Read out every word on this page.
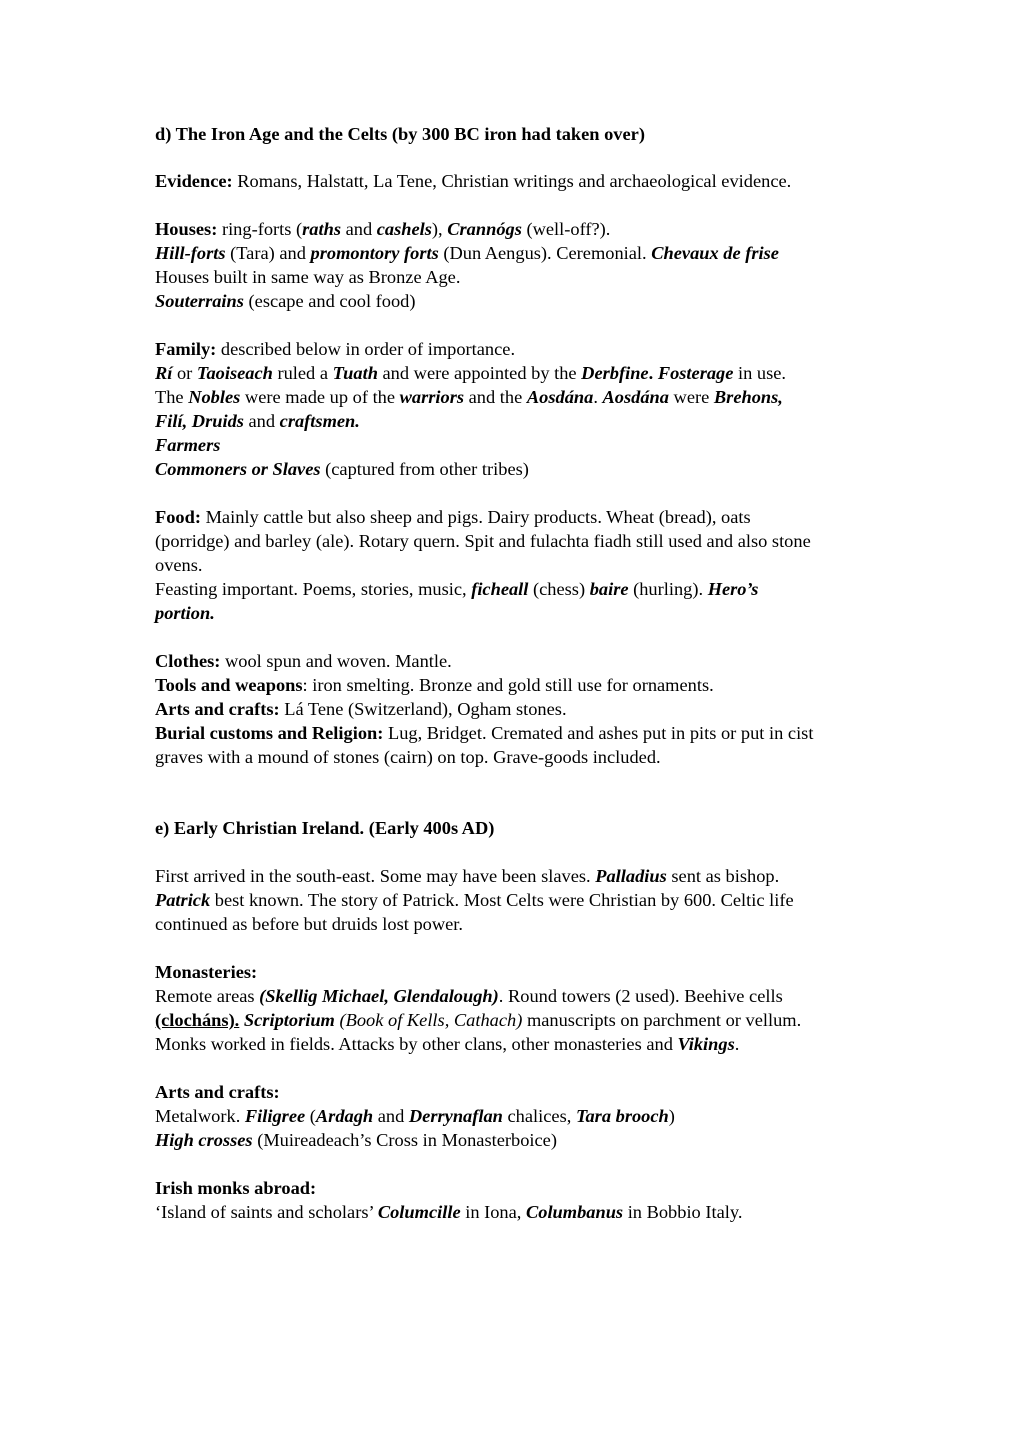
d) The Iron Age and the Celts (by 300 BC iron had taken over)
Evidence: Romans, Halstatt, La Tene, Christian writings and archaeological evidence.
Houses: ring-forts (raths and cashels), Crannógs (well-off?).
Hill-forts (Tara) and promontory forts (Dun Aengus). Ceremonial. Chevaux de frise
Houses built in same way as Bronze Age.
Souterrains (escape and cool food)
Family: described below in order of importance.
Rí or Taoiseach ruled a Tuath and were appointed by the Derbfine. Fosterage in use.
The Nobles were made up of the warriors and the Aosdána. Aosdána were Brehons,
Filí, Druids and craftsmen.
Farmers
Commoners or Slaves (captured from other tribes)
Food: Mainly cattle but also sheep and pigs. Dairy products. Wheat (bread), oats
(porridge) and barley (ale). Rotary quern. Spit and fulachta fiadh still used and also stone
ovens.
Feasting important. Poems, stories, music, ficheall (chess) baire (hurling). Hero’s
portion.
Clothes: wool spun and woven. Mantle.
Tools and weapons: iron smelting. Bronze and gold still use for ornaments.
Arts and crafts: Lá Tene (Switzerland), Ogham stones.
Burial customs and Religion: Lug, Bridget. Cremated and ashes put in pits or put in cist
graves with a mound of stones (cairn) on top. Grave-goods included.
e) Early Christian Ireland. (Early 400s AD)
First arrived in the south-east. Some may have been slaves. Palladius sent as bishop.
Patrick best known. The story of Patrick. Most Celts were Christian by 600. Celtic life
continued as before but druids lost power.
Monasteries:
Remote areas (Skellig Michael, Glendalough). Round towers (2 used). Beehive cells
(clocháns). Scriptorium (Book of Kells, Cathach) manuscripts on parchment or vellum.
Monks worked in fields. Attacks by other clans, other monasteries and Vikings.
Arts and crafts:
Metalwork. Filigree (Ardagh and Derrynaflan chalices, Tara brooch)
High crosses (Muireadeach’s Cross in Monasterboice)
Irish monks abroad:
‘Island of saints and scholars’ Columcille in Iona, Columbanus in Bobbio Italy.
